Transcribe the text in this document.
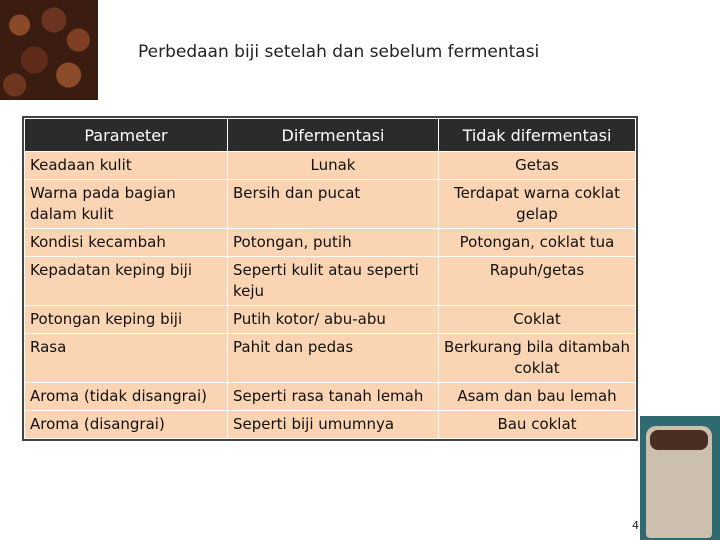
Perbedaan biji setelah dan sebelum fermentasi
Parameter	Difermentasi	Tidak difermentasi
Keadaan kulit	Lunak	Getas
Warna pada bagian dalam kulit	Bersih dan pucat	Terdapat warna coklat gelap
Kondisi kecambah	Potongan, putih	Potongan, coklat tua
Kepadatan keping biji	Seperti kulit atau seperti keju	Rapuh/getas
Potongan keping biji	Putih kotor/ abu-abu	Coklat
Rasa	Pahit dan pedas	Berkurang bila ditambah coklat
Aroma (tidak disangrai)	Seperti rasa tanah lemah	Asam dan bau lemah
Aroma (disangrai)	Seperti biji umumnya	Bau coklat
4
